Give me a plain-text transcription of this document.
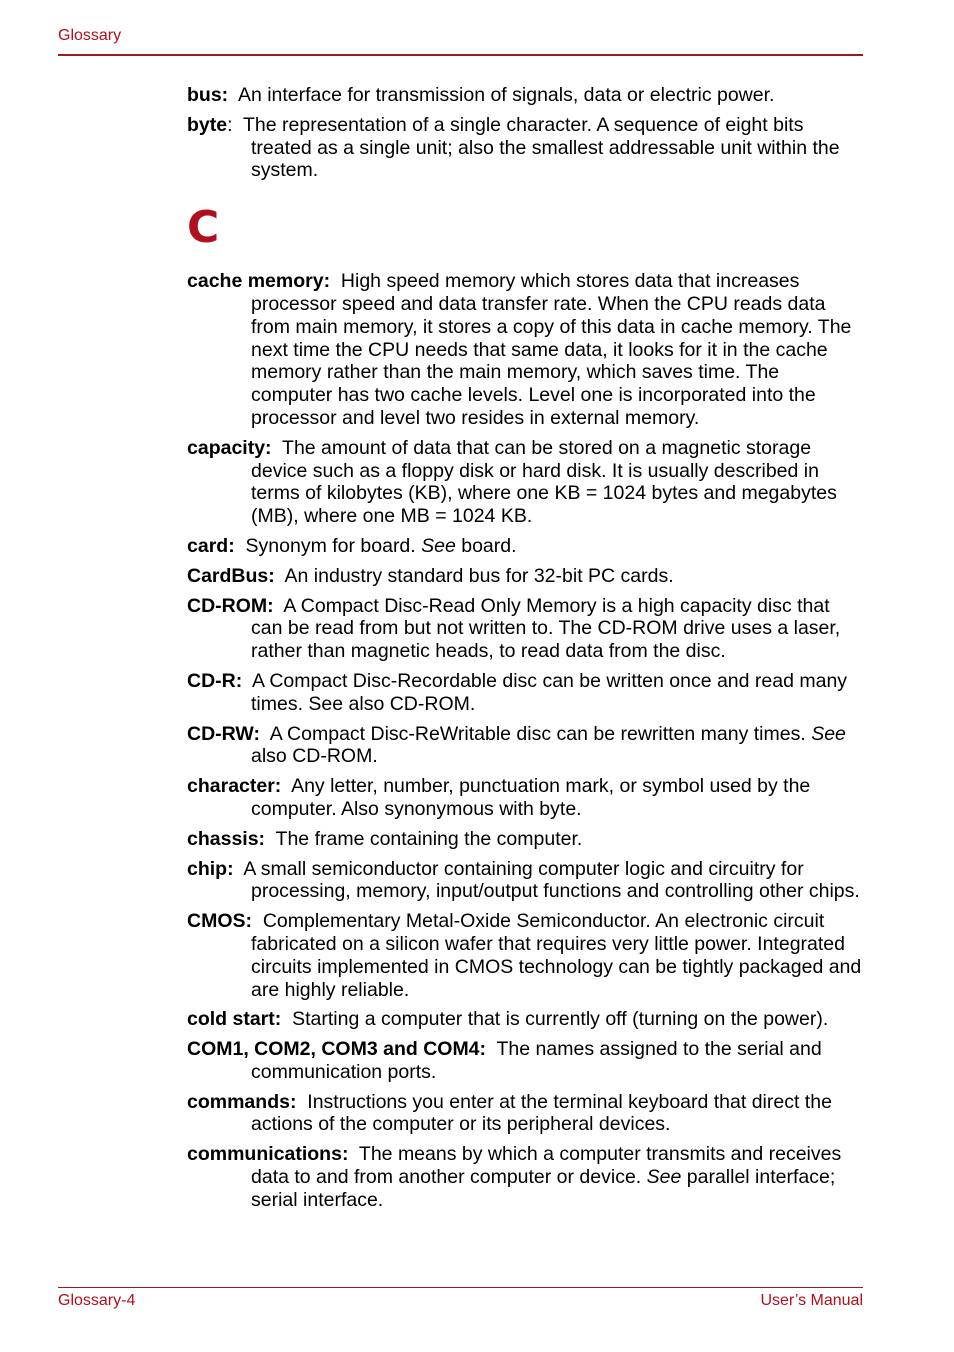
Glossary

bus: An interface for transmission of signals, data or electric power.

byte:  The representation of a single character. A sequence of eight bits treated as a single unit; also the smallest addressable unit within the system.

C

cache memory: High speed memory which stores data that increases processor speed and data transfer rate. When the CPU reads data from main memory, it stores a copy of this data in cache memory. The next time the CPU needs that same data, it looks for it in the cache memory rather than the main memory, which saves time. The computer has two cache levels. Level one is incorporated into the processor and level two resides in external memory.

capacity: The amount of data that can be stored on a magnetic storage device such as a floppy disk or hard disk. It is usually described in terms of kilobytes (KB), where one KB = 1024 bytes and megabytes (MB), where one MB = 1024 KB.

card: Synonym for board. See board.

CardBus: An industry standard bus for 32-bit PC cards.

CD-ROM: A Compact Disc-Read Only Memory is a high capacity disc that can be read from but not written to. The CD-ROM drive uses a laser, rather than magnetic heads, to read data from the disc.

CD-R: A Compact Disc-Recordable disc can be written once and read many times. See also CD-ROM.

CD-RW: A Compact Disc-ReWritable disc can be rewritten many times. See also CD-ROM.

character: Any letter, number, punctuation mark, or symbol used by the computer. Also synonymous with byte.

chassis: The frame containing the computer.

chip: A small semiconductor containing computer logic and circuitry for processing, memory, input/output functions and controlling other chips.

CMOS: Complementary Metal-Oxide Semiconductor. An electronic circuit fabricated on a silicon wafer that requires very little power. Integrated circuits implemented in CMOS technology can be tightly packaged and are highly reliable.

cold start: Starting a computer that is currently off (turning on the power).

COM1, COM2, COM3 and COM4: The names assigned to the serial and communication ports.

commands: Instructions you enter at the terminal keyboard that direct the actions of the computer or its peripheral devices.

communications: The means by which a computer transmits and receives data to and from another computer or device. See parallel interface; serial interface.

Glossary-4	User’s Manual
